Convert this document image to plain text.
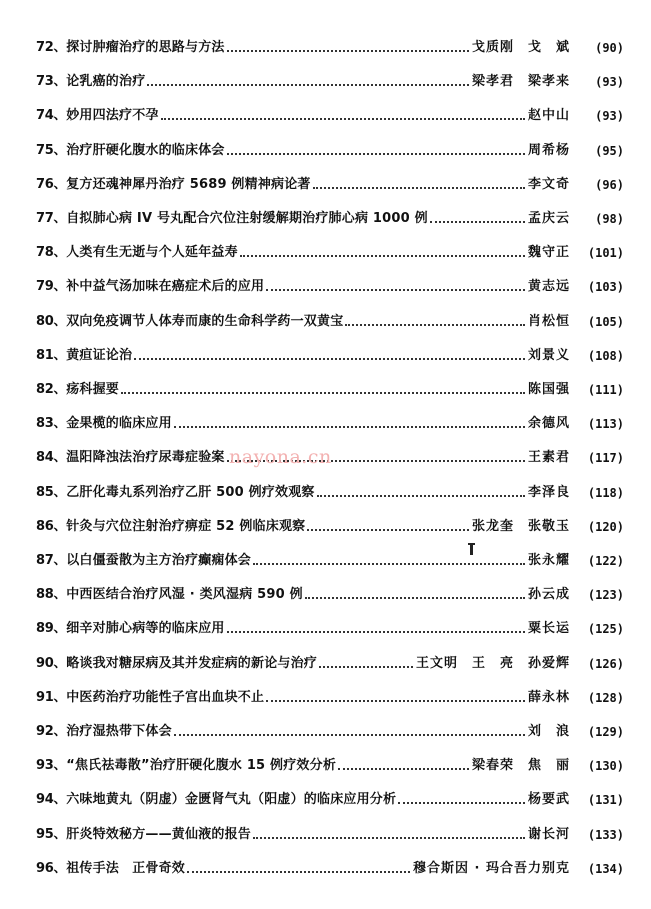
72、 探讨肿瘤治疗的思路与方法	戈质刚　戈　斌	(90)
73、 论乳癌的治疗	梁孝君　梁孝来	(93)
74、 妙用四法疗不孕	赵中山	(93)
75、 治疗肝硬化腹水的临床体会	周希杨	(95)
76、 复方还魂神犀丹治疗 5689 例精神病论著	李文奇	(96)
77、 自拟肺心病 IV 号丸配合穴位注射缓解期治疗肺心病 1000 例	孟庆云	(98)
78、 人类有生无逝与个人延年益寿	魏守正	(101)
79、 补中益气汤加味在癌症术后的应用	黄志远	(103)
80、 双向免疫调节人体寿而康的生命科学药一双黄宝	肖松恒	(105)
81、 黄疸证论治	刘景义	(108)
82、 疡科握要	陈国强	(111)
83、 金果榄的临床应用	余德风	(113)
84、 温阳降浊法治疗尿毒症验案	王素君	(117)
85、 乙肝化毒丸系列治疗乙肝 500 例疗效观察	李泽良	(118)
86、 针灸与穴位注射治疗痹症 52 例临床观察	张龙奎　张敬玉	(120)
87、 以白僵蚕散为主方治疗癫痫体会	张永耀	(122)
88、 中西医结合治疗风湿 · 类风湿病 590 例	孙云成	(123)
89、 细辛对肺心病等的临床应用	粟长运	(125)
90、 略谈我对糖尿病及其并发症病的新论与治疗	王文明　王　亮　孙爱辉	(126)
91、 中医药治疗功能性子宫出血块不止	薛永林	(128)
92、 治疗湿热带下体会	刘　浪	(129)
93、 “焦氏祛毒散”治疗肝硬化腹水 15 例疗效分析	梁春荣　焦　丽	(130)
94、 六味地黄丸（阴虚）金匮肾气丸（阳虚）的临床应用分析	杨要武	(131)
95、 肝炎特效秘方——黄仙液的报告	谢长河	(133)
96、 祖传手法　正骨奇效	穆合斯因 · 玛合吾力别克	(134)
nayona.cn
